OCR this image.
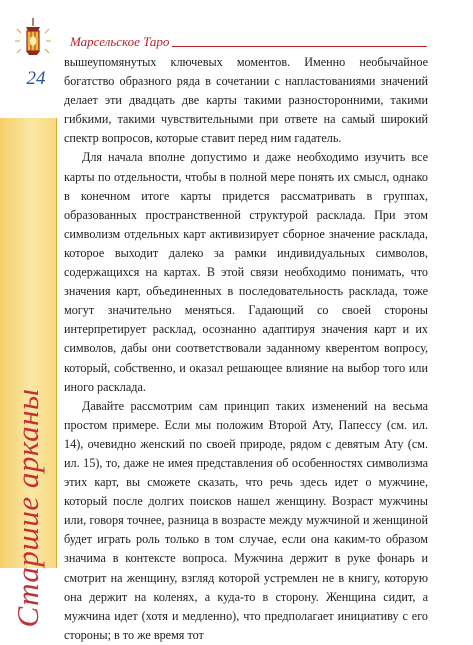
Марсельское Таро
24
Старшие арканы

вышеупомянутых ключевых моментов. Именно необычайное богатство образного ряда в сочетании с напластованиями значений делает эти двадцать две карты такими разносторонними, такими гибкими, такими чувствительными при ответе на самый широкий спектр вопросов, которые ставит перед ним гадатель.

Для начала вполне допустимо и даже необходимо изучить все карты по отдельности, чтобы в полной мере понять их смысл, однако в конечном итоге карты придется рассматривать в группах, образованных пространственной структурой расклада. При этом символизм отдельных карт активизирует сборное значение расклада, которое выходит далеко за рамки индивидуальных символов, содержащихся на картах. В этой связи необходимо понимать, что значения карт, объединенных в последовательность расклада, тоже могут значительно меняться. Гадающий со своей стороны интерпретирует расклад, осознанно адаптируя значения карт и их символов, дабы они соответствовали заданному кверентом вопросу, который, собственно, и оказал решающее влияние на выбор того или иного расклада.

Давайте рассмотрим сам принцип таких изменений на весьма простом примере. Если мы положим Второй Ату, Папессу (см. ил. 14), очевидно женский по своей природе, рядом с девятым Ату (см. ил. 15), то, даже не имея представления об особенностях символизма этих карт, вы сможете сказать, что речь здесь идет о мужчине, который после долгих поисков нашел женщину. Возраст мужчины или, говоря точнее, разница в возрасте между мужчиной и женщиной будет играть роль только в том случае, если она каким-то образом значима в контексте вопроса. Мужчина держит в руке фонарь и смотрит на женщину, взгляд которой устремлен не в книгу, которую она держит на коленях, а куда-то в сторону. Женщина сидит, а мужчина идет (хотя и медленно), что предполагает инициативу с его стороны; в то же время тот
